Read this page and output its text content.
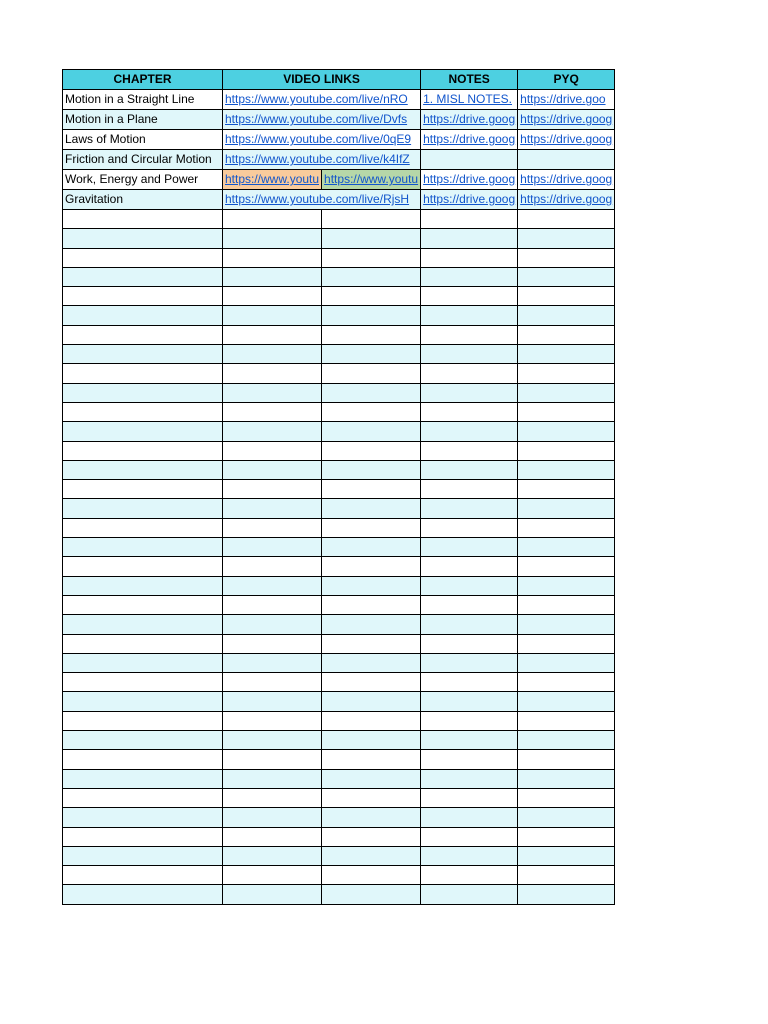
CHAPTER	VIDEO LINKS		NOTES	PYQ
Motion in a Straight Line	https://www.youtube.com/live/nRO		1. MISL NOTES.	https://drive.goo
Motion in a Plane	https://www.youtube.com/live/Dvfs		https://drive.goog	https://drive.goog
Laws of Motion	https://www.youtube.com/live/0qE9		https://drive.goog	https://drive.goog
Friction and Circular Motion	https://www.youtube.com/live/k4IfZ			
Work, Energy and Power	https://www.youtu	https://www.youtu	https://drive.goog	https://drive.goog
Gravitation	https://www.youtube.com/live/RjsH		https://drive.goog	https://drive.goog
